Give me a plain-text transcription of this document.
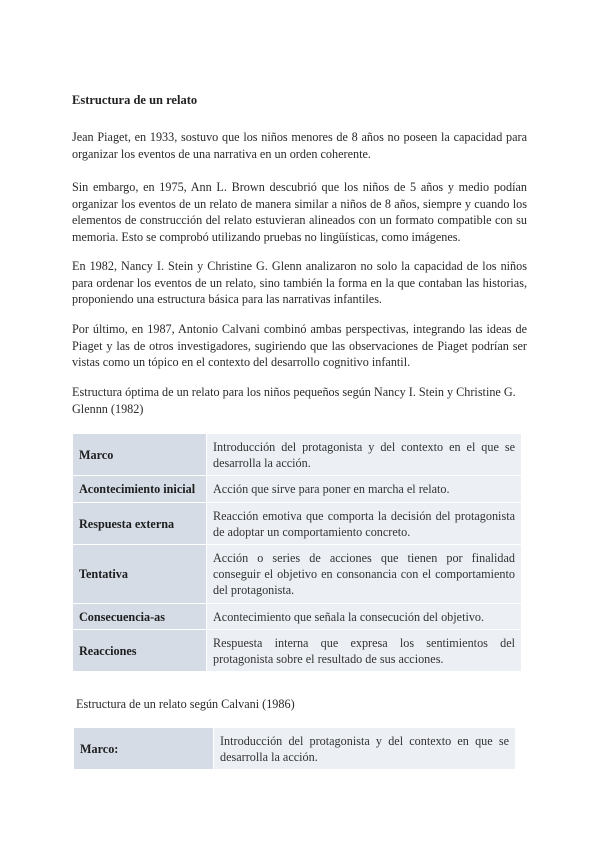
Estructura de un relato

Jean Piaget, en 1933, sostuvo que los niños menores de 8 años no poseen la capacidad para organizar los eventos de una narrativa en un orden coherente.

Sin embargo, en 1975, Ann L. Brown descubrió que los niños de 5 años y medio podían organizar los eventos de un relato de manera similar a niños de 8 años, siempre y cuando los elementos de construcción del relato estuvieran alineados con un formato compatible con su memoria. Esto se comprobó utilizando pruebas no lingüísticas, como imágenes.

En 1982, Nancy I. Stein y Christine G. Glenn analizaron no solo la capacidad de los niños para ordenar los eventos de un relato, sino también la forma en la que contaban las historias, proponiendo una estructura básica para las narrativas infantiles.

Por último, en 1987, Antonio Calvani combinó ambas perspectivas, integrando las ideas de Piaget y las de otros investigadores, sugiriendo que las observaciones de Piaget podrían ser vistas como un tópico en el contexto del desarrollo cognitivo infantil.

Estructura óptima de un relato para los niños pequeños según Nancy I. Stein y Christine G. Glennn (1982)

Marco	Introducción del protagonista y del contexto en el que se desarrolla la acción.
Acontecimiento inicial	Acción que sirve para poner en marcha el relato.
Respuesta externa	Reacción emotiva que comporta la decisión del protagonista de adoptar un comportamiento concreto.
Tentativa	Acción o series de acciones que tienen por finalidad conseguir el objetivo en consonancia con el comportamiento del protagonista.
Consecuencia-as	Acontecimiento que señala la consecución del objetivo.
Reacciones	Respuesta interna que expresa los sentimientos del protagonista sobre el resultado de sus acciones.
Estructura de un relato según Calvani (1986)
Marco:	Introducción del protagonista y del contexto en que se desarrolla la acción.
